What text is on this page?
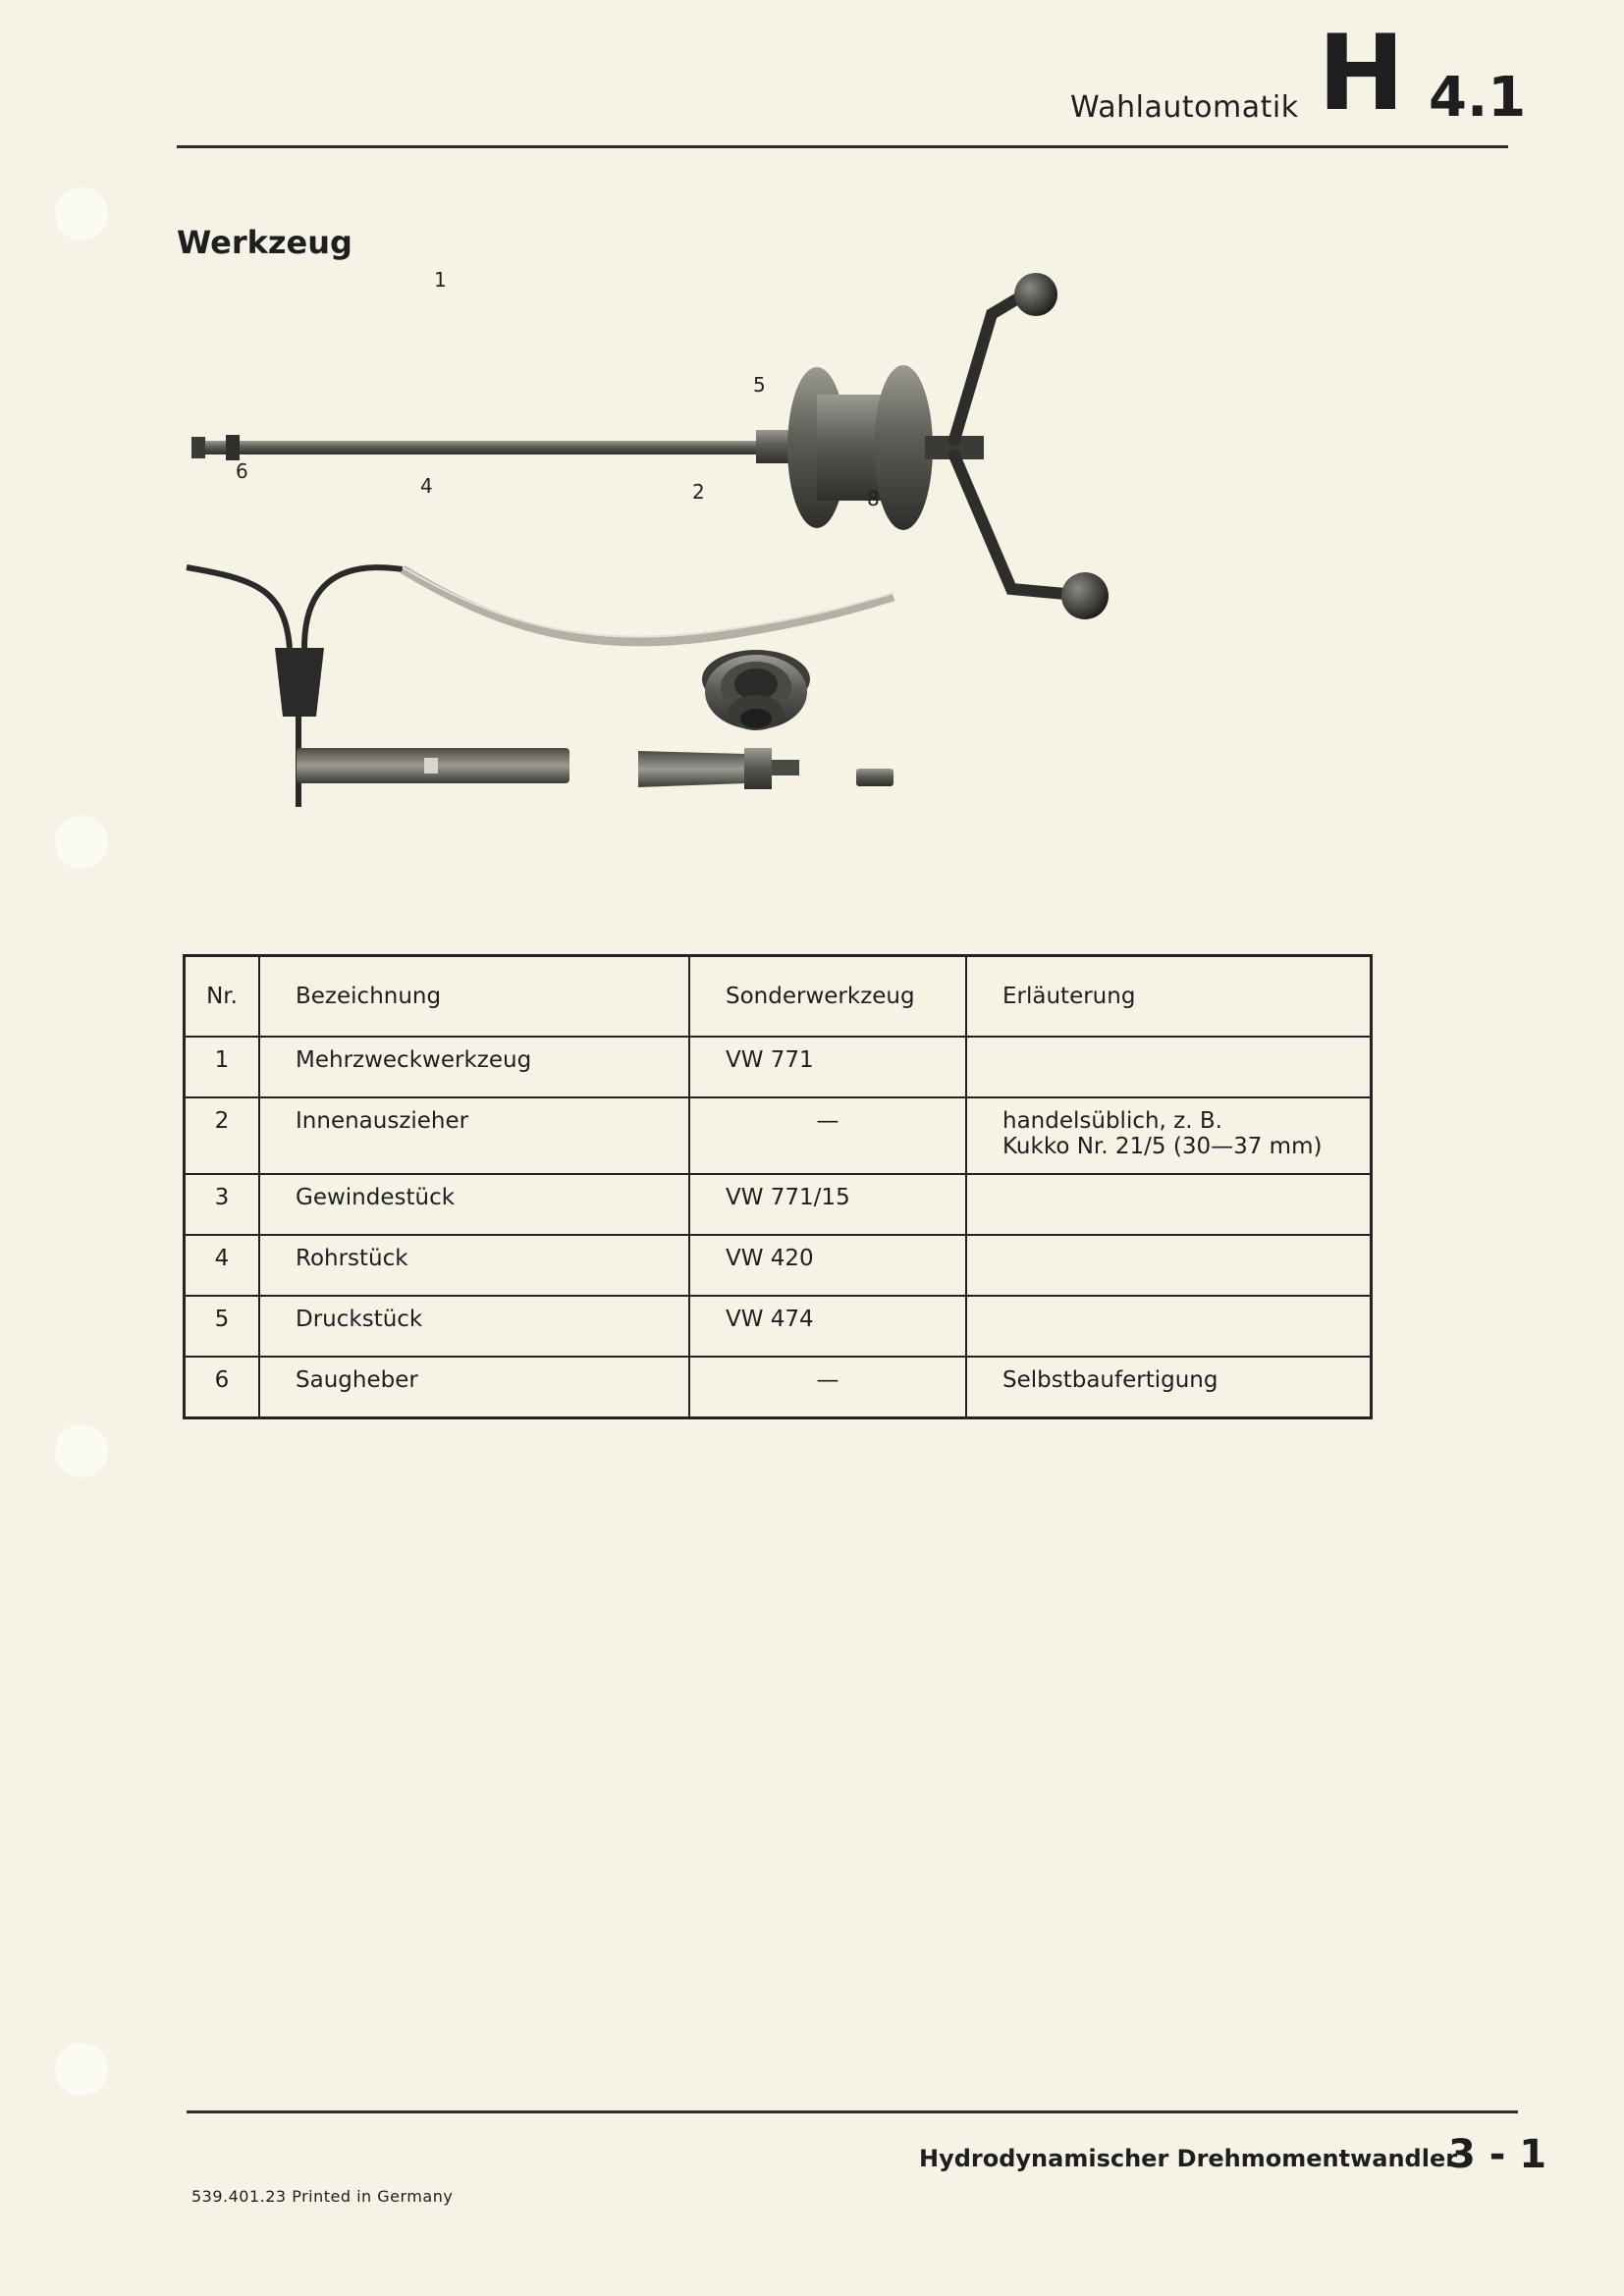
Wahlautomatik H 4.1
Werkzeug
1
2
4
5
6
8
Nr.	Bezeichnung	Sonderwerkzeug	Erläuterung
1	Mehrzweckwerkzeug	VW 771	

2	Innenauszieher	—	handelsüblich, z. B.
Kukko Nr. 21/5 (30—37 mm)

3	Gewindestück	VW 771/15	

4	Rohrstück	VW 420	

5	Druckstück	VW 474	

6	Saugheber	—	Selbstbaufertigung
Hydrodynamischer Drehmomentwandler
3 - 1
539.401.23 Printed in Germany
